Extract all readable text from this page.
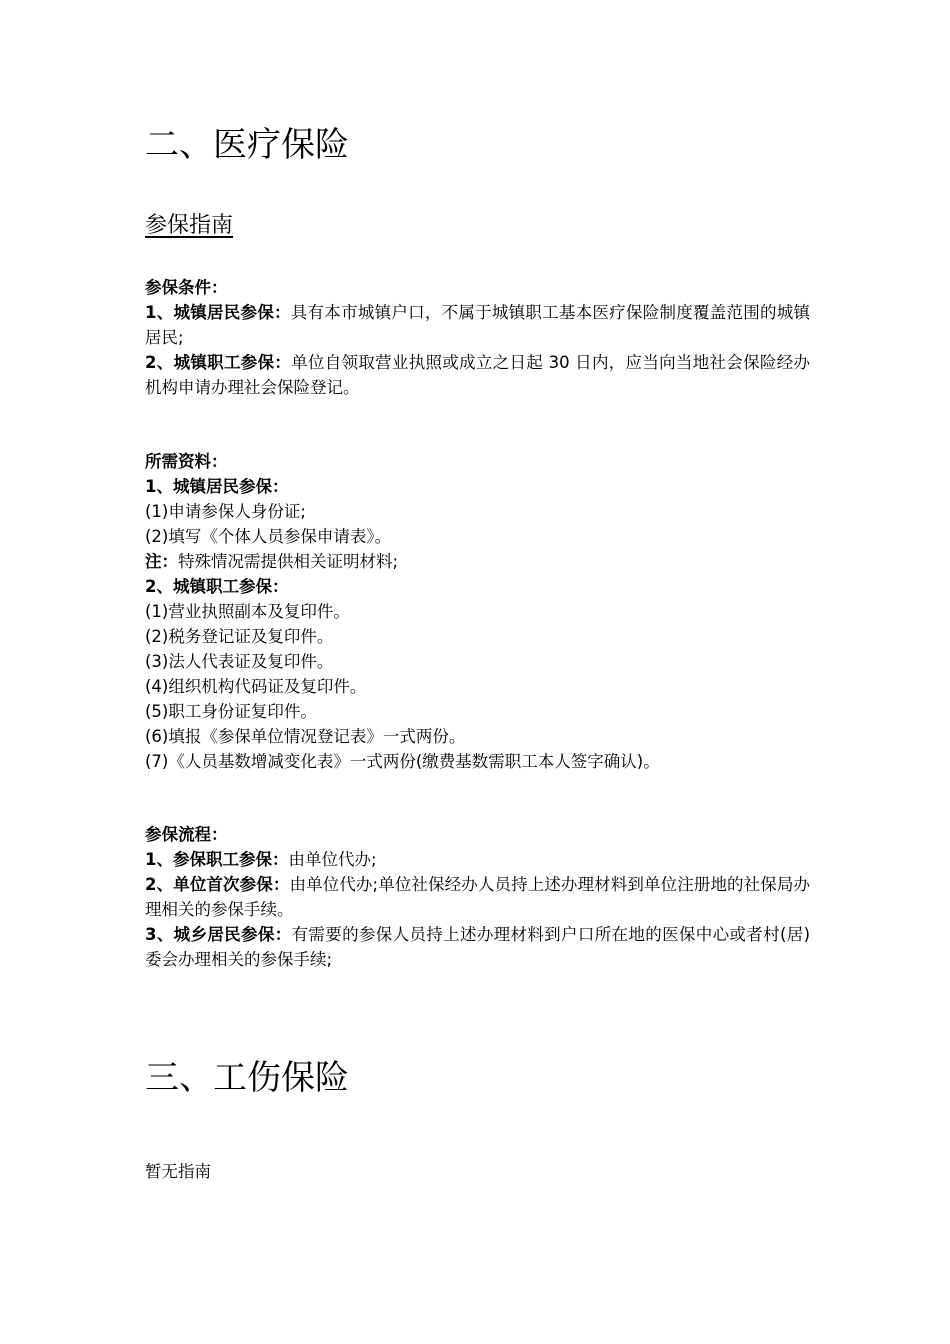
二、医疗保险
参保指南
参保条件：

1、城镇居民参保：具有本市城镇户口，不属于城镇职工基本医疗保险制度覆盖范围的城镇居民;

2、城镇职工参保：单位自领取营业执照或成立之日起 30 日内，应当向当地社会保险经办机构申请办理社会保险登记。

所需资料：
1、城镇居民参保：
(1)申请参保人身份证;
(2)填写《个体人员参保申请表》。
注：特殊情况需提供相关证明材料;
2、城镇职工参保：
(1)营业执照副本及复印件。
(2)税务登记证及复印件。
(3)法人代表证及复印件。
(4)组织机构代码证及复印件。
(5)职工身份证复印件。
(6)填报《参保单位情况登记表》一式两份。
(7)《人员基数增减变化表》一式两份(缴费基数需职工本人签字确认)。
参保流程：

1、参保职工参保：由单位代办;

2、单位首次参保：由单位代办;单位社保经办人员持上述办理材料到单位注册地的社保局办理相关的参保手续。

3、城乡居民参保：有需要的参保人员持上述办理材料到户口所在地的医保中心或者村(居)委会办理相关的参保手续;

三、工伤保险
暂无指南
